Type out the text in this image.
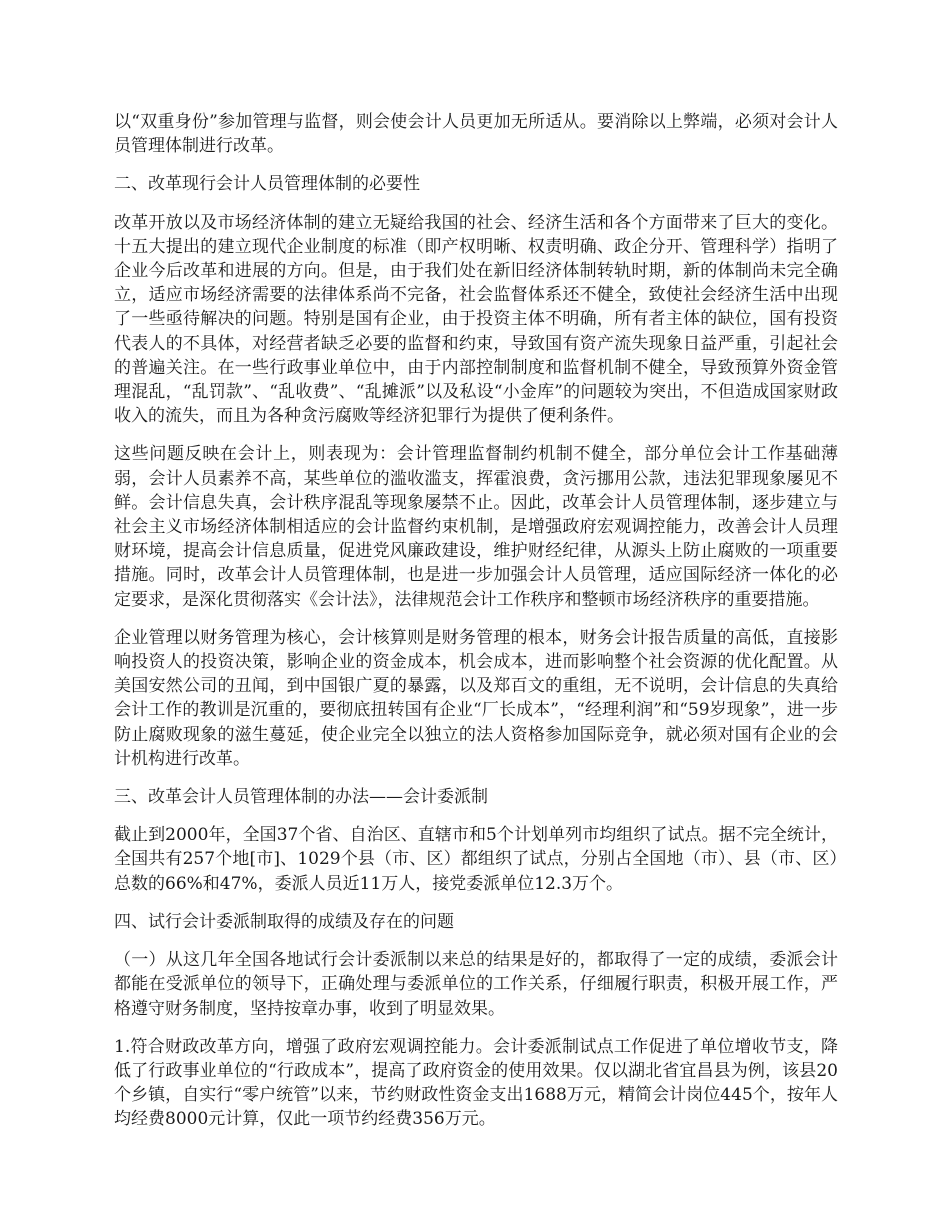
以“双重身份”参加管理与监督，则会使会计人员更加无所适从。要消除以上弊端，必须对会计人员管理体制进行改革。

二、改革现行会计人员管理体制的必要性

改革开放以及市场经济体制的建立无疑给我国的社会、经济生活和各个方面带来了巨大的变化。十五大提出的建立现代企业制度的标准（即产权明晰、权责明确、政企分开、管理科学）指明了企业今后改革和进展的方向。但是，由于我们处在新旧经济体制转轨时期，新的体制尚未完全确立，适应市场经济需要的法律体系尚不完备，社会监督体系还不健全，致使社会经济生活中出现了一些亟待解决的问题。特别是国有企业，由于投资主体不明确，所有者主体的缺位，国有投资代表人的不具体，对经营者缺乏必要的监督和约束，导致国有资产流失现象日益严重，引起社会的普遍关注。在一些行政事业单位中，由于内部控制制度和监督机制不健全，导致预算外资金管理混乱，“乱罚款”、“乱收费”、“乱摊派”以及私设“小金库”的问题较为突出，不但造成国家财政收入的流失，而且为各种贪污腐败等经济犯罪行为提供了便利条件。

这些问题反映在会计上，则表现为：会计管理监督制约机制不健全，部分单位会计工作基础薄弱，会计人员素养不高，某些单位的滥收滥支，挥霍浪费，贪污挪用公款，违法犯罪现象屡见不鲜。会计信息失真，会计秩序混乱等现象屡禁不止。因此，改革会计人员管理体制，逐步建立与社会主义市场经济体制相适应的会计监督约束机制，是增强政府宏观调控能力，改善会计人员理财环境，提高会计信息质量，促进党风廉政建设，维护财经纪律，从源头上防止腐败的一项重要措施。同时，改革会计人员管理体制，也是进一步加强会计人员管理，适应国际经济一体化的必定要求，是深化贯彻落实《会计法》，法律规范会计工作秩序和整顿市场经济秩序的重要措施。

企业管理以财务管理为核心，会计核算则是财务管理的根本，财务会计报告质量的高低，直接影响投资人的投资决策，影响企业的资金成本，机会成本，进而影响整个社会资源的优化配置。从美国安然公司的丑闻，到中国银广夏的暴露，以及郑百文的重组，无不说明，会计信息的失真给会计工作的教训是沉重的，要彻底扭转国有企业“厂长成本”，“经理利润”和“59岁现象”，进一步防止腐败现象的滋生蔓延，使企业完全以独立的法人资格参加国际竞争，就必须对国有企业的会计机构进行改革。

三、改革会计人员管理体制的办法——会计委派制

截止到2000年，全国37个省、自治区、直辖市和5个计划单列市均组织了试点。据不完全统计，全国共有257个地[市]、1029个县（市、区）都组织了试点，分别占全国地（市）、县（市、区）总数的66%和47%，委派人员近11万人，接党委派单位12.3万个。

四、试行会计委派制取得的成绩及存在的问题

（一）从这几年全国各地试行会计委派制以来总的结果是好的，都取得了一定的成绩，委派会计都能在受派单位的领导下，正确处理与委派单位的工作关系，仔细履行职责，积极开展工作，严格遵守财务制度，坚持按章办事，收到了明显效果。

1.符合财政改革方向，增强了政府宏观调控能力。会计委派制试点工作促进了单位增收节支，降低了行政事业单位的“行政成本”，提高了政府资金的使用效果。仅以湖北省宜昌县为例，该县20个乡镇，自实行“零户统管”以来，节约财政性资金支出1688万元，精简会计岗位445个，按年人均经费8000元计算，仅此一项节约经费356万元。
